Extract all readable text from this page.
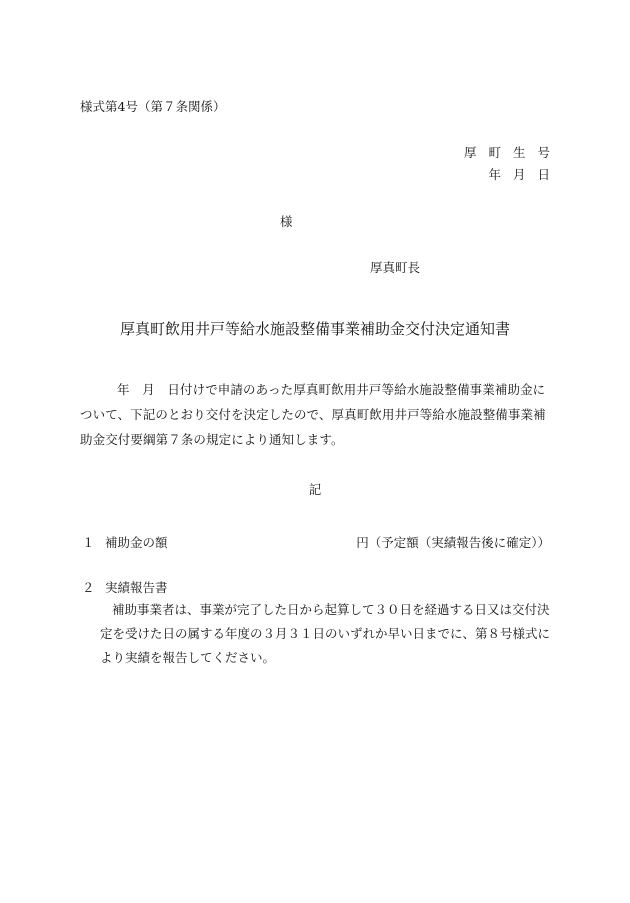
様式第4号（第７条関係）
厚町生号
年月日
様
厚真町長
厚真町飲用井戸等給水施設整備事業補助金交付決定通知書
年　月　日付けで申請のあった厚真町飲用井戸等給水施設整備事業補助金について、下記のとおり交付を決定したので、厚真町飲用井戸等給水施設整備事業補助金交付要綱第７条の規定により通知します。
記
１ 補助金の額	円（予定額（実績報告後に確定））
２ 実績報告書
補助事業者は、事業が完了した日から起算して３０日を経過する日又は交付決定を受けた日の属する年度の３月３１日のいずれか早い日までに、第８号様式により実績を報告してください。
